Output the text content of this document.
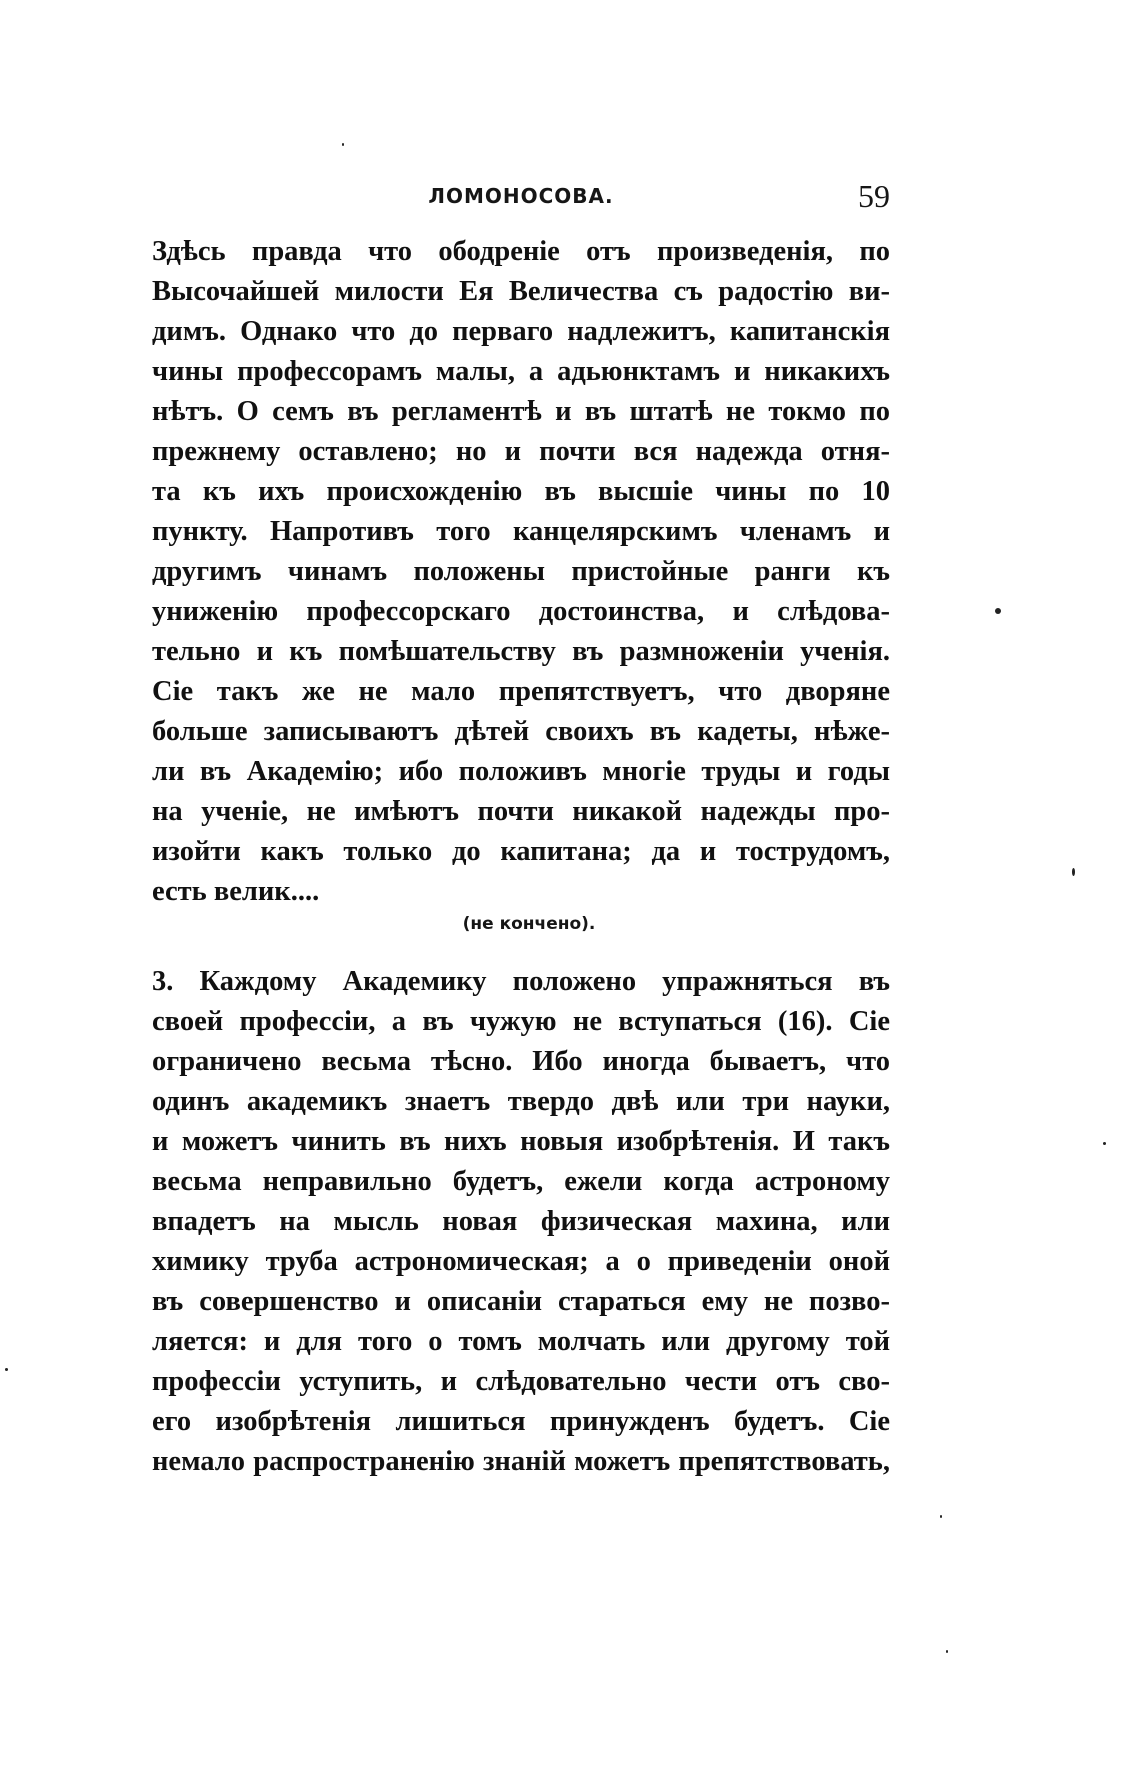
ЛОМОНОСОВА.	59
Здѣсь правда что ободреніе отъ произведенія, по
Высочайшей милости Ея Величества съ радостію ви-
димъ. Однако что до перваго надлежитъ, капитанскія
чины профессорамъ малы, а адьюнктамъ и никакихъ
нѣтъ. О семъ въ регламентѣ и въ штатѣ не токмо по
прежнему оставлено; но и почти вся надежда отня-
та къ ихъ происхожденію въ высшіе чины по 10
пункту. Напротивъ того канцелярскимъ членамъ и
другимъ чинамъ положены пристойные ранги къ
униженію профессорскаго достоинства, и слѣдова-
тельно и къ помѣшательству въ размноженіи ученія.
Сіе такъ же не мало препятствуетъ, что дворяне
больше записываютъ дѣтей своихъ въ кадеты, нѣже-
ли въ Академію; ибо положивъ многіе труды и годы
на ученіе, не имѣютъ почти никакой надежды про-
изойти какъ только до капитана; да и тострудомъ,
есть велик....
(не кончено).
3. Каждому Академику положено упражняться въ
своей профессіи, а въ чужую не вступаться (16). Сіе
ограничено весьма тѣсно. Ибо иногда бываетъ, что
одинъ академикъ знаетъ твердо двѣ или три науки,
и можетъ чинить въ нихъ новыя изобрѣтенія. И такъ
весьма неправильно будетъ, ежели когда астроному
впадетъ на мысль новая физическая махина, или
химику труба астрономическая; а о приведеніи оной
въ совершенство и описаніи стараться ему не позво-
ляется: и для того о томъ молчать или другому той
профессіи уступить, и слѣдовательно чести отъ сво-
его изобрѣтенія лишиться принужденъ будетъ. Сіе
немало распространенію знаній можетъ препятствовать,
